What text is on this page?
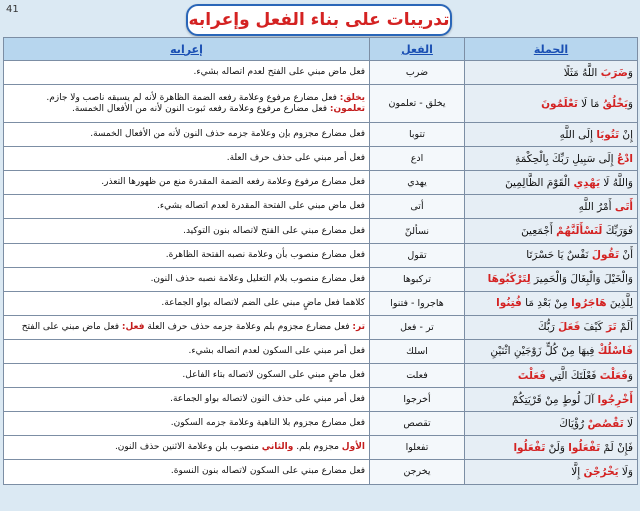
41
تدريبات على بناء الفعل وإعرابه
الجملة	الفعل	إعرابه
وَضَرَبَ اللَّهُ مَثَلًا	ضرب	فعل ماض مبني على الفتح لعدم اتصاله بشيء.
وَيَخْلُقُ مَا لَا تَعْلَمُونَ	يخلق - تعلمون	يخلق: فعل مضارع مرفوع وعلامة رفعه الضمة الظاهرة لأنه لم يسبقه ناصب ولا جازم.
تعلمون: فعل مضارع مرفوع وعلامة رفعه ثبوت النون لأنه من الأفعال الخمسة.

إِنْ تَتُوبَا إِلَى اللَّهِ	تتوبا	فعل مضارع مجزوم بإن وعلامة جزمه حذف النون لأنه من الأفعال الخمسة.
ادْعُ إِلَى سَبِيلِ رَبِّكَ بِالْحِكْمَةِ	ادع	فعل أمر مبني على حذف حرف العلة.
وَاللَّهُ لَا يَهْدِي الْقَوْمَ الظَّالِمِينَ	يهدي	فعل مضارع مرفوع وعلامة رفعه الضمة المقدرة منع من ظهورها التعذر.
أَتَى أَمْرُ اللَّهِ	أتى	فعل ماض مبني على الفتحة المقدرة لعدم اتصاله بشيء.
فَوَرَبِّكَ لَنَسْأَلَنَّهُمْ أَجْمَعِينَ	نسألنّ	فعل مضارع مبني على الفتح لاتصاله بنون التوكيد.
أَنْ تَقُولَ نَفْسٌ يَا حَسْرَتَا	تقول	فعل مضارع منصوب بأن وعلامة نصبه الفتحة الظاهرة.
وَالْخَيْلَ وَالْبِغَالَ وَالْحَمِيرَ لِتَرْكَبُوهَا	تركبوها	فعل مضارع منصوب بلام التعليل وعلامة نصبه حذف النون.
لِلَّذِينَ هَاجَرُوا مِنْ بَعْدِ مَا فُتِنُوا	هاجروا - فتنوا	كلاهما فعل ماضٍ مبني على الضم لاتصاله بواو الجماعة.
أَلَمْ تَرَ كَيْفَ فَعَلَ رَبُّكَ	تر - فعل	تر: فعل مضارع مجزوم بلم وعلامة جزمه حذف حرف العلة فعل: فعل ماض مبني على الفتح

فَاسْلُكْ فِيهَا مِنْ كُلٍّ زَوْجَيْنِ اثْنَيْنِ	اسلك	فعل أمر مبني على السكون لعدم اتصاله بشيء.
وَفَعَلْتَ فَعْلَتَكَ الَّتِي فَعَلْتَ	فعلت	فعل ماضٍ مبني على السكون لاتصاله بتاء الفاعل.
أَخْرِجُوا آلَ لُوطٍ مِنْ قَرْيَتِكُمْ	أخرجوا	فعل أمر مبني على حذف النون لاتصاله بواو الجماعة.
لَا تَقْصُصْ رُؤْيَاكَ	تقصص	فعل مضارع مجزوم بلا الناهية وعلامة جزمه السكون.
فَإِنْ لَمْ تَفْعَلُوا وَلَنْ تَفْعَلُوا	تفعلوا	الأول مجزوم بلم. والثاني منصوب بلن وعلامة الاثنين حذف النون.
وَلَا يَخْرُجْنَ إِلَّا	يخرجن	فعل مضارع مبني على السكون لاتصاله بنون النسوة.
